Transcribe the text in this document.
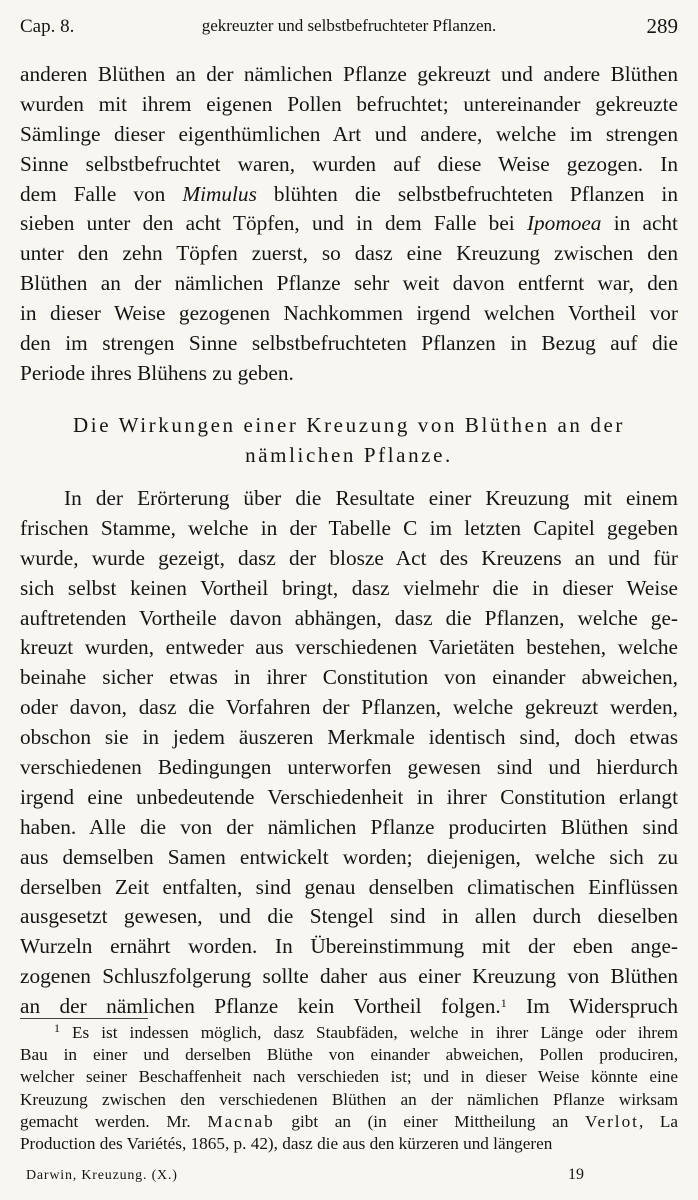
Cap. 8.	gekreuzter und selbstbefruchteter Pflanzen.	289
anderen Blüthen an der nämlichen Pflanze gekreuzt und andere Blüthen
wurden mit ihrem eigenen Pollen befruchtet; untereinander gekreuzte
Sämlinge dieser eigenthümlichen Art und andere, welche im strengen
Sinne selbstbefruchtet waren, wurden auf diese Weise gezogen. In
dem Falle von Mimulus blühten die selbstbefruchteten Pflanzen in
sieben unter den acht Töpfen, und in dem Falle bei Ipomoea in acht
unter den zehn Töpfen zuerst, so dasz eine Kreuzung zwischen den
Blüthen an der nämlichen Pflanze sehr weit davon entfernt war, den
in dieser Weise gezogenen Nachkommen irgend welchen Vortheil vor
den im strengen Sinne selbstbefruchteten Pflanzen in Bezug auf die
Periode ihres Blühens zu geben.
Die Wirkungen einer Kreuzung von Blüthen an der
nämlichen Pflanze.
In der Erörterung über die Resultate einer Kreuzung mit einem
frischen Stamme, welche in der Tabelle C im letzten Capitel gegeben
wurde, wurde gezeigt, dasz der blosze Act des Kreuzens an und für
sich selbst keinen Vortheil bringt, dasz vielmehr die in dieser Weise
auftretenden Vortheile davon abhängen, dasz die Pflanzen, welche ge-
kreuzt wurden, entweder aus verschiedenen Varietäten bestehen, welche
beinahe sicher etwas in ihrer Constitution von einander abweichen,
oder davon, dasz die Vorfahren der Pflanzen, welche gekreuzt werden,
obschon sie in jedem äuszeren Merkmale identisch sind, doch etwas
verschiedenen Bedingungen unterworfen gewesen sind und hierdurch
irgend eine unbedeutende Verschiedenheit in ihrer Constitution erlangt
haben. Alle die von der nämlichen Pflanze producirten Blüthen sind
aus demselben Samen entwickelt worden; diejenigen, welche sich zu
derselben Zeit entfalten, sind genau denselben climatischen Einflüssen
ausgesetzt gewesen, und die Stengel sind in allen durch dieselben
Wurzeln ernährt worden. In Übereinstimmung mit der eben ange-
zogenen Schluszfolgerung sollte daher aus einer Kreuzung von Blüthen
an der nämlichen Pflanze kein Vortheil folgen.$^1$ Im Widerspruch
$^1$ Es ist indessen möglich, dasz Staubfäden, welche in ihrer Länge oder ihrem
Bau in einer und derselben Blüthe von einander abweichen, Pollen produciren,
welcher seiner Beschaffenheit nach verschieden ist; und in dieser Weise könnte eine
Kreuzung zwischen den verschiedenen Blüthen an der nämlichen Pflanze wirksam
gemacht werden. Mr. Macnab gibt an (in einer Mittheilung an Verlot, La
Production des Variétés, 1865, p. 42), dasz die aus den kürzeren und längeren
Darwin, Kreuzung. (X.)	19
